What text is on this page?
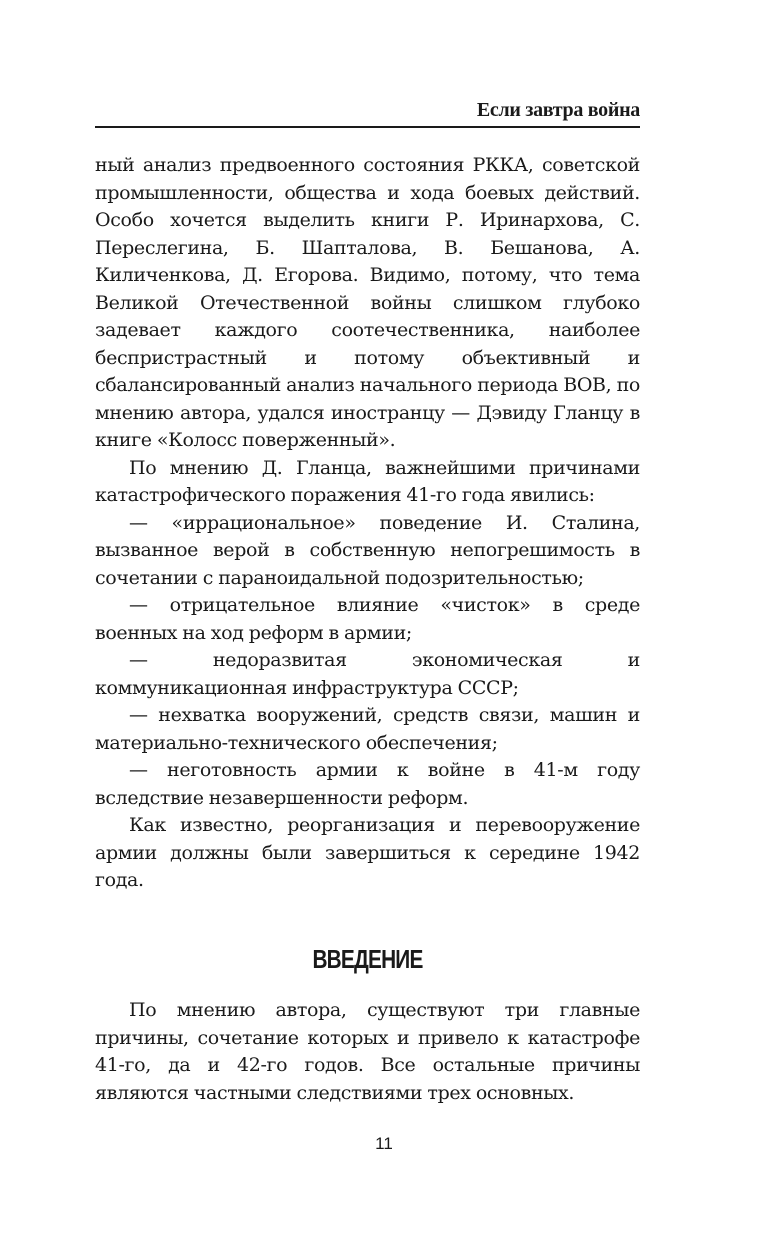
Если завтра война

ный анализ предвоенного состояния РККА, советской промышленности, общества и хода боевых действий. Особо хочется выделить книги Р. Иринархова, С. Переслегина, Б. Шапталова, В. Бешанова, А. Киличенкова, Д. Егорова. Видимо, потому, что тема Великой Отечественной войны слишком глубоко задевает каждого соотечественника, наиболее беспристрастный и потому объективный и сбалансированный анализ начального периода ВОВ, по мнению автора, удался иностранцу — Дэвиду Гланцу в книге «Колосс поверженный».

По мнению Д. Гланца, важнейшими причинами катастрофического поражения 41-го года явились:

— «иррациональное» поведение И. Сталина, вызванное верой в собственную непогрешимость в сочетании с параноидальной подозрительностью;

— отрицательное влияние «чисток» в среде военных на ход реформ в армии;

— недоразвитая экономическая и коммуникационная инфраструктура СССР;

— нехватка вооружений, средств связи, машин и материально-технического обеспечения;

— неготовность армии к войне в 41-м году вследствие незавершенности реформ.

Как известно, реорганизация и перевооружение армии должны были завершиться к середине 1942 года.

ВВЕДЕНИЕ

По мнению автора, существуют три главные причины, сочетание которых и привело к катастрофе 41-го, да и 42-го годов. Все остальные причины являются частными следствиями трех основных.

11
